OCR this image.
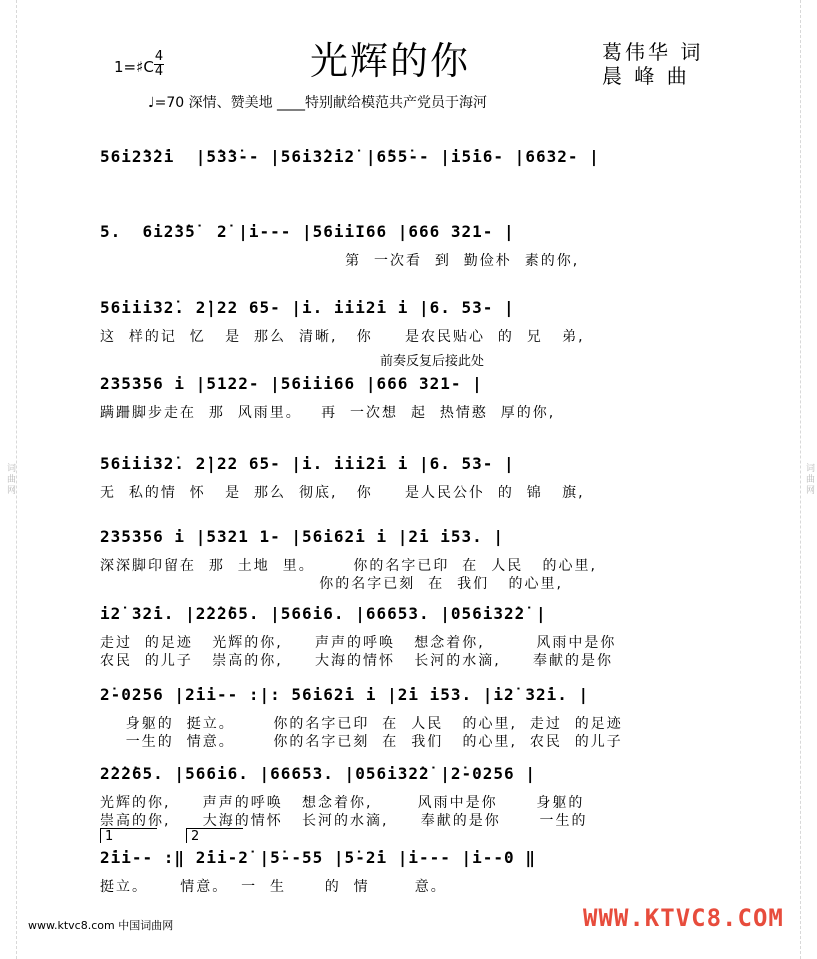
词曲网	词曲网
光辉的你
1=♯C
4
4
葛伟华 词
晨 峰 曲
♩=70 深情、赞美地 ____特别献给模范共产党员于海河
56i2̇3̇2̇i  |5̇3̇3̇-- |56i3̇2̇i2̇ |6̇55̇-- |i5̇i6- |6632- |
5.  6i2̇3̇5̇  2̇ |i--- |56iiI66 |666 321- |
第  一次看  到  勤俭朴  素的你,
56iii32̇. 2̇|22 65- |i. iii2̇i i |6. 53- |
这  样的记  忆   是  那么  清晰,   你     是农民贴心  的  兄   弟,
前奏反复后接此处
235356 i |5122- |56iii66 |666 321- |
蹒跚脚步走在  那  风雨里。   再  一次想  起  热情憨  厚的你,
56iii32̇. 2̇|22 65- |i. iii2̇i i |6. 53- |
无  私的情  怀   是  那么  彻底,   你     是人民公仆  的  锦   旗,
235356 i |5321 1- |56i62̇i i |2̇i i53. |
深深脚印留在  那  土地  里。      你的名字已印  在  人民   的心里,
你的名字已刻  在  我们   的心里,
i2̇ 32̇i. |2̇2̇2̇65. |566i6. |66653. |056i32̇2̇ |
走过  的足迹   光辉的你,     声声的呼唤   想念着你,        风雨中是你
农民  的儿子   崇高的你,     大海的情怀   长河的水滴,     奉献的是你
2̇-0256 |2̇ii-- :|: 56i62̇i i |2̇i i53. |i2̇ 32̇i. |
身躯的  挺立。      你的名字已印  在  人民   的心里,  走过  的足迹
一生的  情意。      你的名字已刻  在  我们   的心里,  农民  的儿子
2̇2̇2̇65. |566i6. |66653. |056i32̇2̇ |2̇-0256 |
光辉的你,     声声的呼唤   想念着你,       风雨中是你      身躯的
崇高的你,     大海的情怀   长河的水滴,     奉献的是你      一生的
1	2
2̇ii-- :‖ 2̇ii-2̇ |5̇--55 |5̇-2̇i |i--- |i--0 ‖
挺立。     情意。  一  生      的  情       意。
www.ktvc8.com 中国词曲网	WWW.KTVC8.COM
